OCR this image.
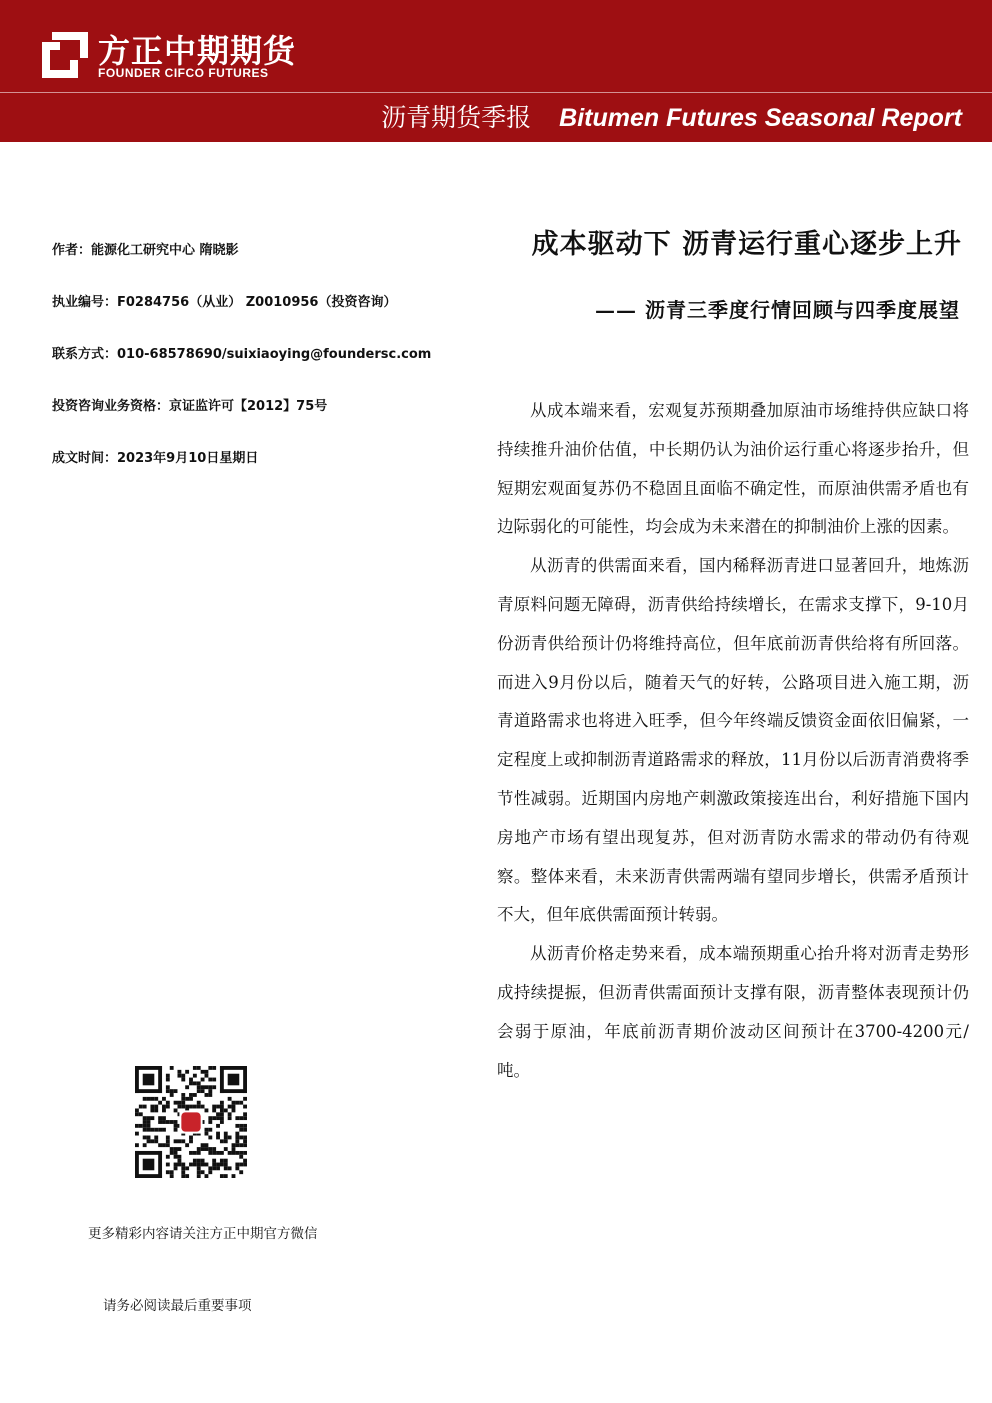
方正中期期货
FOUNDER CIFCO FUTURES
沥青期货季报 Bitumen Futures Seasonal Report
作者：能源化工研究中心 隋晓影
执业编号：F0284756（从业） Z0010956（投资咨询）
联系方式：010-68578690/suixiaoying@foundersc.com
投资咨询业务资格：京证监许可【2012】75号
成文时间：2023年9月10日星期日
成本驱动下 沥青运行重心逐步上升
—— 沥青三季度行情回顾与四季度展望

从成本端来看，宏观复苏预期叠加原油市场维持供应缺口将持续推升油价估值，中长期仍认为油价运行重心将逐步抬升，但短期宏观面复苏仍不稳固且面临不确定性，而原油供需矛盾也有边际弱化的可能性，均会成为未来潜在的抑制油价上涨的因素。

从沥青的供需面来看，国内稀释沥青进口显著回升，地炼沥青原料问题无障碍，沥青供给持续增长，在需求支撑下，9-10月份沥青供给预计仍将维持高位，但年底前沥青供给将有所回落。而进入9月份以后，随着天气的好转，公路项目进入施工期，沥青道路需求也将进入旺季，但今年终端反馈资金面依旧偏紧，一定程度上或抑制沥青道路需求的释放，11月份以后沥青消费将季节性减弱。近期国内房地产刺激政策接连出台，利好措施下国内房地产市场有望出现复苏，但对沥青防水需求的带动仍有待观察。整体来看，未来沥青供需两端有望同步增长，供需矛盾预计不大，但年底供需面预计转弱。

从沥青价格走势来看，成本端预期重心抬升将对沥青走势形成持续提振，但沥青供需面预计支撑有限，沥青整体表现预计仍会弱于原油，年底前沥青期价波动区间预计在3700-4200元/吨。

更多精彩内容请关注方正中期官方微信
请务必阅读最后重要事项
